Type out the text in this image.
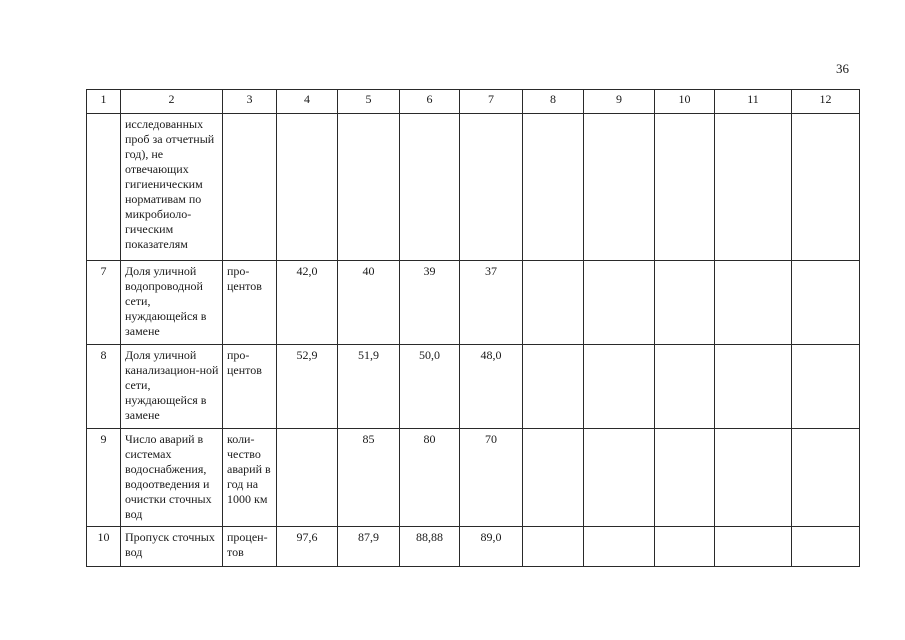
36
1	2	3	4	5	6	7	8	9	10	11	12
	исследованных проб за отчетный год), не отвечающих гигиеническим нормативам по микробиоло-гическим показателям										
7	Доля уличной водопроводной сети, нуждающейся в замене	про-центов	42,0	40	39	37					
8	Доля уличной канализацион-ной сети, нуждающейся в замене	про-центов	52,9	51,9	50,0	48,0					
9	Число аварий в системах водоснабжения, водоотведения и очистки сточных вод	коли-чество аварий в год на 1000 км		85	80	70					
10	Пропуск сточных вод	процен-тов	97,6	87,9	88,88	89,0					
